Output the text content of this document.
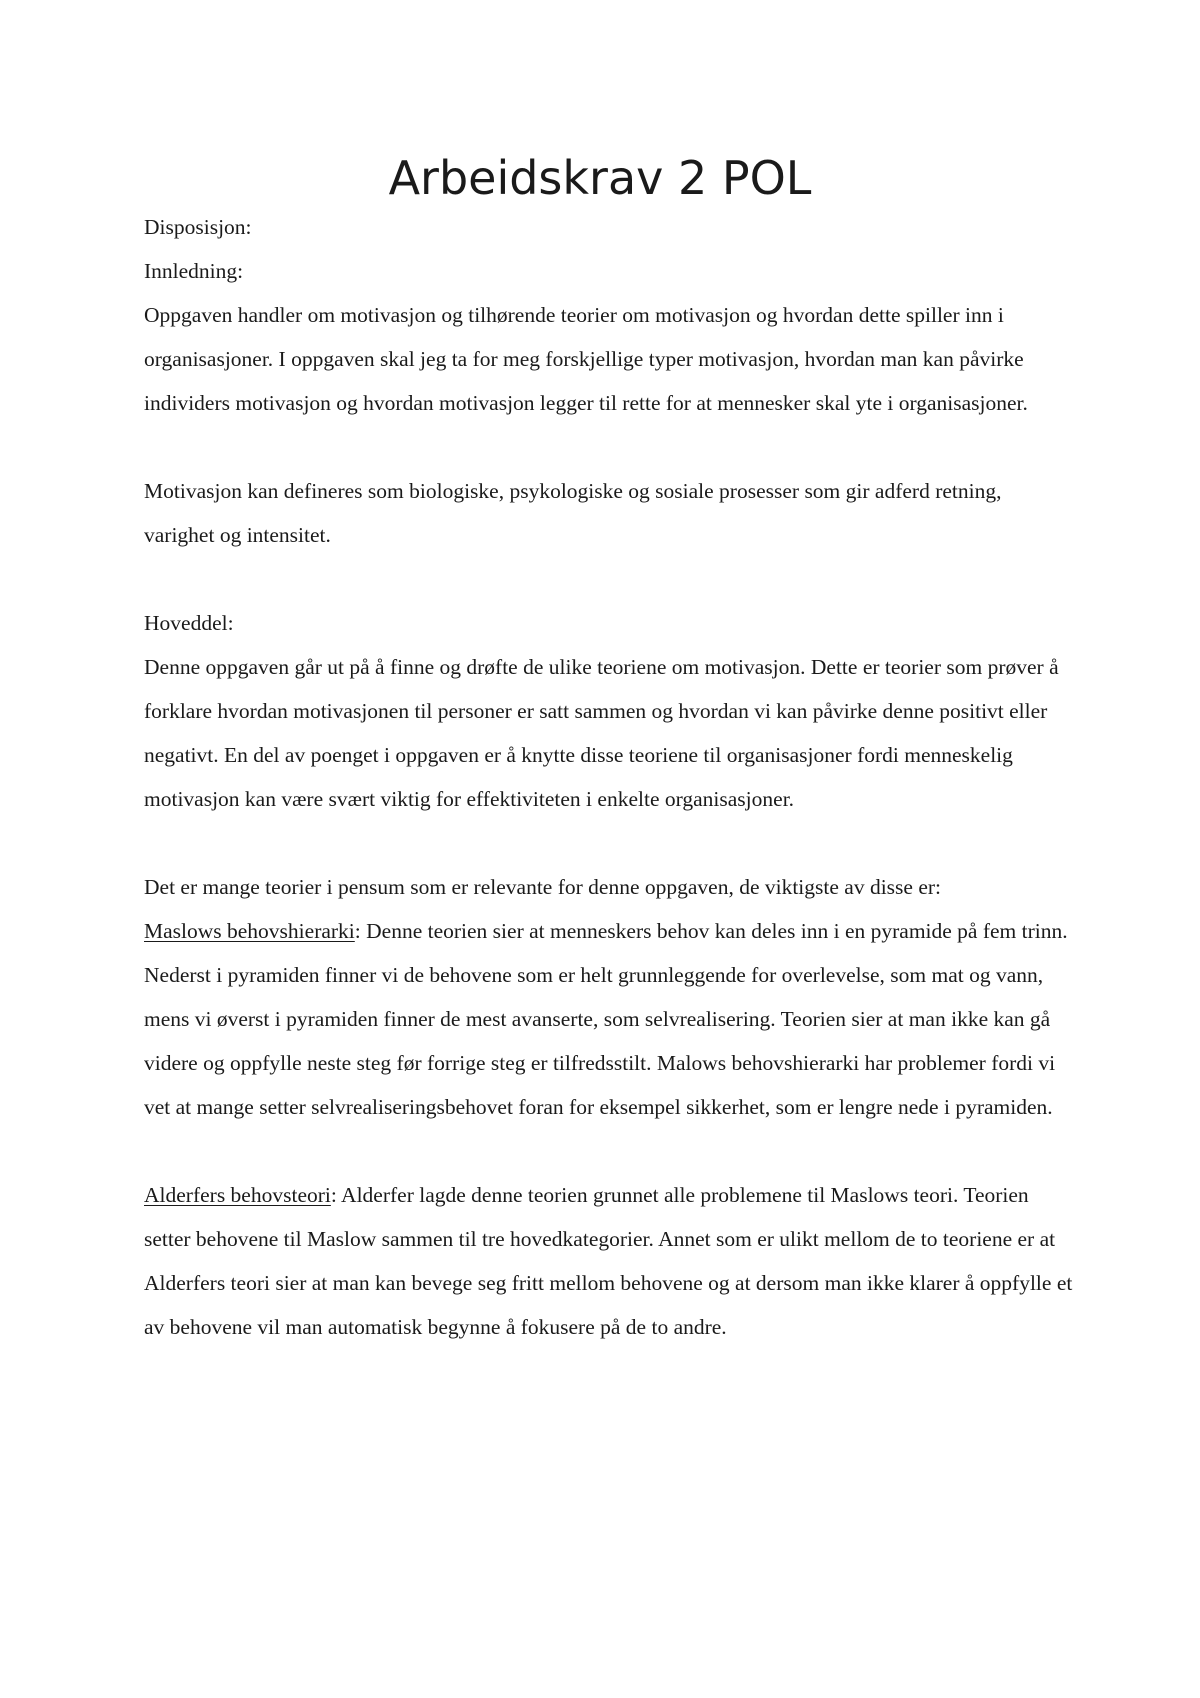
Arbeidskrav 2 POL

Disposisjon:

Innledning:

Oppgaven handler om motivasjon og tilhørende teorier om motivasjon og hvordan dette spiller inn i organisasjoner. I oppgaven skal jeg ta for meg forskjellige typer motivasjon, hvordan man kan påvirke individers motivasjon og hvordan motivasjon legger til rette for at mennesker skal yte i organisasjoner.

Motivasjon kan defineres som biologiske, psykologiske og sosiale prosesser som gir adferd retning, varighet og intensitet.

Hoveddel:

Denne oppgaven går ut på å finne og drøfte de ulike teoriene om motivasjon. Dette er teorier som prøver å forklare hvordan motivasjonen til personer er satt sammen og hvordan vi kan påvirke denne positivt eller negativt. En del av poenget i oppgaven er å knytte disse teoriene til organisasjoner fordi menneskelig motivasjon kan være svært viktig for effektiviteten i enkelte organisasjoner.

Det er mange teorier i pensum som er relevante for denne oppgaven, de viktigste av disse er:

Maslows behovshierarki: Denne teorien sier at menneskers behov kan deles inn i en pyramide på fem trinn. Nederst i pyramiden finner vi de behovene som er helt grunnleggende for overlevelse, som mat og vann, mens vi øverst i pyramiden finner de mest avanserte, som selvrealisering. Teorien sier at man ikke kan gå videre og oppfylle neste steg før forrige steg er tilfredsstilt. Malows behovshierarki har problemer fordi vi vet at mange setter selvrealiseringsbehovet foran for eksempel sikkerhet, som er lengre nede i pyramiden.

Alderfers behovsteori: Alderfer lagde denne teorien grunnet alle problemene til Maslows teori. Teorien setter behovene til Maslow sammen til tre hovedkategorier. Annet som er ulikt mellom de to teoriene er at Alderfers teori sier at man kan bevege seg fritt mellom behovene og at dersom man ikke klarer å oppfylle et av behovene vil man automatisk begynne å fokusere på de to andre.
